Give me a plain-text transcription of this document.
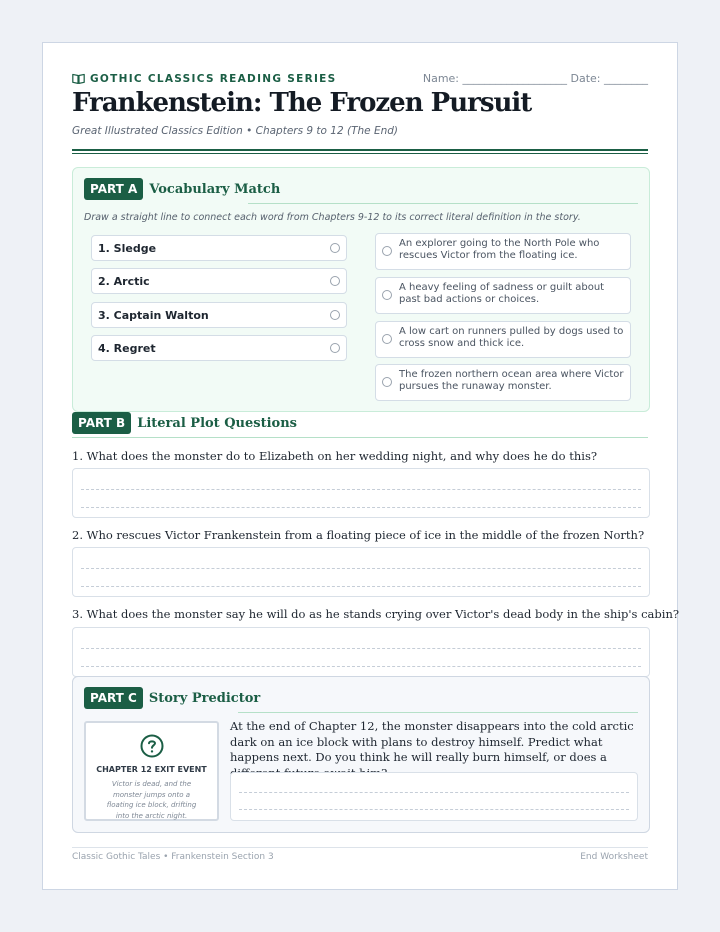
GOTHIC CLASSICS READING SERIES	Name: ___________________ Date: ________
Frankenstein: The Frozen Pursuit
Great Illustrated Classics Edition • Chapters 9 to 12 (The End)
PART A Vocabulary Match
Draw a straight line to connect each word from Chapters 9-12 to its correct literal definition in the story.
1. Sledge
2. Arctic
3. Captain Walton
4. Regret
An explorer going to the North Pole who rescues Victor from the floating ice.
A heavy feeling of sadness or guilt about past bad actions or choices.
A low cart on runners pulled by dogs used to cross snow and thick ice.
The frozen northern ocean area where Victor pursues the runaway monster.
PART B Literal Plot Questions
1. What does the monster do to Elizabeth on her wedding night, and why does he do this?
2. Who rescues Victor Frankenstein from a floating piece of ice in the middle of the frozen North?
3. What does the monster say he will do as he stands crying over Victor's dead body in the ship's cabin?
PART C Story Predictor
CHAPTER 12 EXIT EVENT
Victor is dead, and the monster jumps onto a floating ice block, drifting into the arctic night.
At the end of Chapter 12, the monster disappears into the cold arctic dark on an ice block with plans to destroy himself. Predict what happens next. Do you think he will really burn himself, or does a
Classic Gothic Tales • Frankenstein Section 3	End Worksheet
